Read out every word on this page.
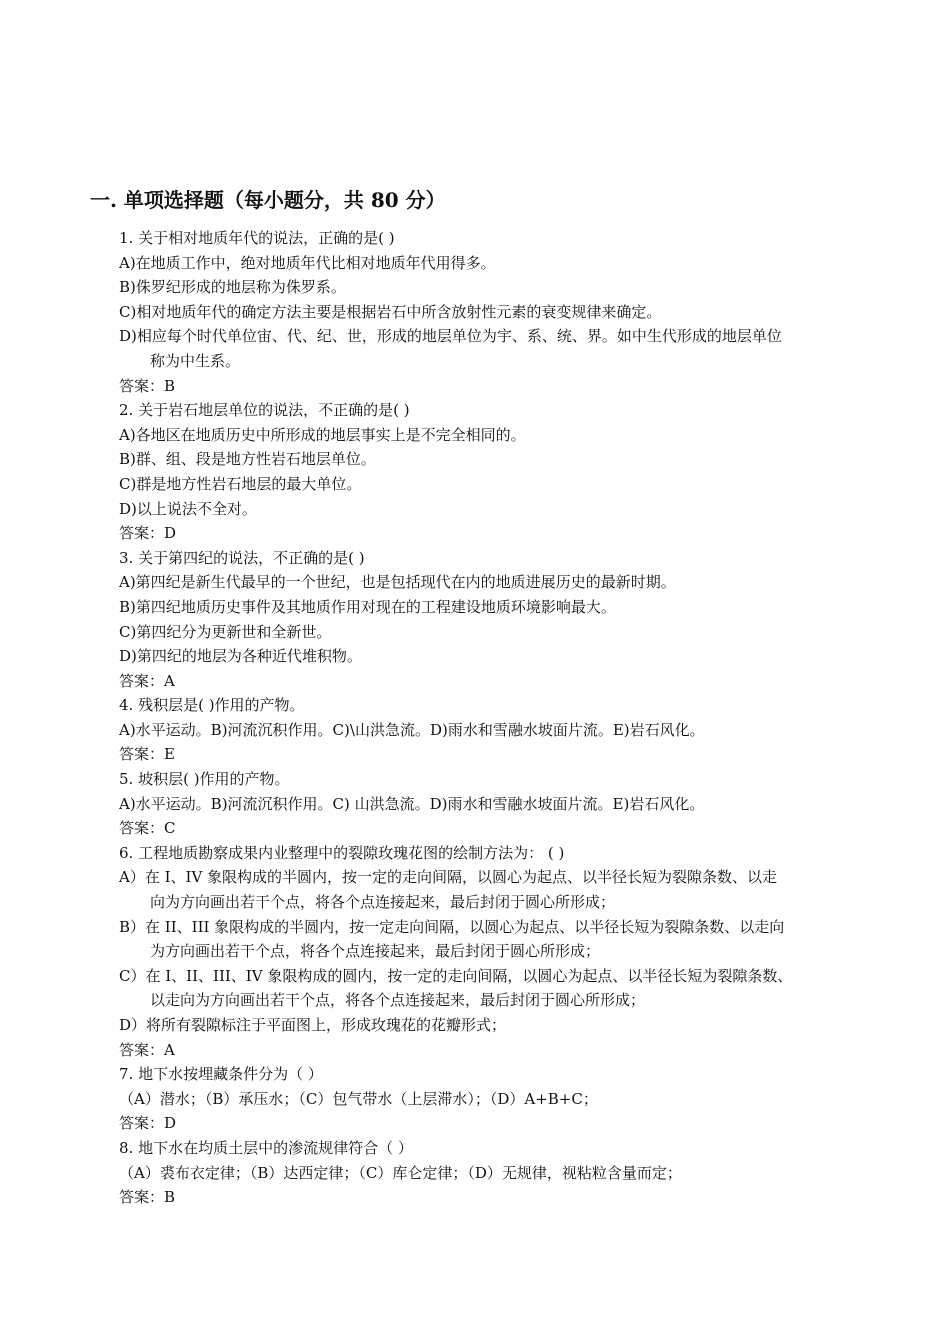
一. 单项选择题（每小题分，共 80 分）
1. 关于相对地质年代的说法，正确的是( )
A)在地质工作中，绝对地质年代比相对地质年代用得多。
B)侏罗纪形成的地层称为侏罗系。
C)相对地质年代的确定方法主要是根据岩石中所含放射性元素的衰变规律来确定。
D)相应每个时代单位宙、代、纪、世，形成的地层单位为宇、系、统、界。如中生代形成的地层单位
称为中生系。
答案：B
2. 关于岩石地层单位的说法，不正确的是( )
A)各地区在地质历史中所形成的地层事实上是不完全相同的。
B)群、组、段是地方性岩石地层单位。
C)群是地方性岩石地层的最大单位。
D)以上说法不全对。
答案：D
3. 关于第四纪的说法，不正确的是( )
A)第四纪是新生代最早的一个世纪，也是包括现代在内的地质进展历史的最新时期。
B)第四纪地质历史事件及其地质作用对现在的工程建设地质环境影响最大。
C)第四纪分为更新世和全新世。
D)第四纪的地层为各种近代堆积物。
答案：A
4. 残积层是( )作用的产物。
A)水平运动。B)河流沉积作用。C)\山洪急流。D)雨水和雪融水坡面片流。E)岩石风化。
答案：E
5. 坡积层( )作用的产物。
A)水平运动。B)河流沉积作用。C) 山洪急流。D)雨水和雪融水坡面片流。E)岩石风化。
答案：C
6. 工程地质勘察成果内业整理中的裂隙玫瑰花图的绘制方法为： ( )
A）在 I、IV 象限构成的半圆内，按一定的走向间隔，以圆心为起点、以半径长短为裂隙条数、以走
向为方向画出若干个点，将各个点连接起来，最后封闭于圆心所形成；
B）在 II、III 象限构成的半圆内，按一定走向间隔，以圆心为起点、以半径长短为裂隙条数、以走向
为方向画出若干个点，将各个点连接起来，最后封闭于圆心所形成；
C）在 I、II、III、IV 象限构成的圆内，按一定的走向间隔，以圆心为起点、以半径长短为裂隙条数、
以走向为方向画出若干个点，将各个点连接起来，最后封闭于圆心所形成；
D）将所有裂隙标注于平面图上，形成玫瑰花的花瓣形式；
答案：A
7. 地下水按埋藏条件分为（ ）
（A）潜水；（B）承压水；（C）包气带水（上层滞水）；（D）A+B+C；
答案：D
8. 地下水在均质土层中的渗流规律符合（ ）
（A）裘布衣定律；（B）达西定律；（C）库仑定律；（D）无规律，视粘粒含量而定；
答案：B
